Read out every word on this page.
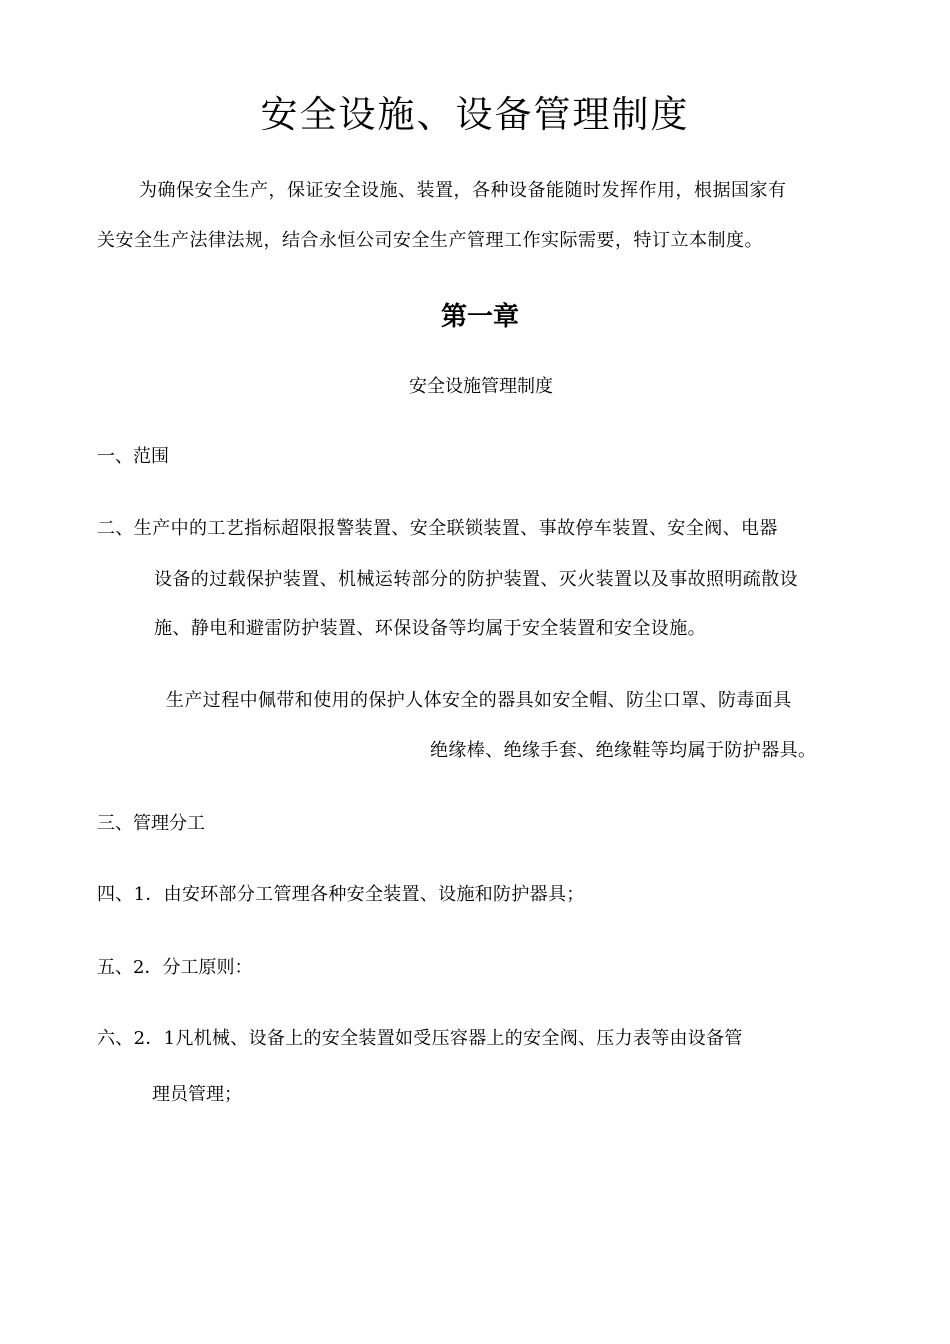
安全设施、设备管理制度
为确保安全生产，保证安全设施、装置，各种设备能随时发挥作用，根据国家有
关安全生产法律法规，结合永恒公司安全生产管理工作实际需要，特订立本制度。
第一章
安全设施管理制度
一、范围
二、生产中的工艺指标超限报警装置、安全联锁装置、事故停车装置、安全阀、电器
设备的过载保护装置、机械运转部分的防护装置、灭火装置以及事故照明疏散设
施、静电和避雷防护装置、环保设备等均属于安全装置和安全设施。
生产过程中佩带和使用的保护人体安全的器具如安全帽、防尘口罩、防毒面具
绝缘棒、绝缘手套、绝缘鞋等均属于防护器具。
三、管理分工
四、1．由安环部分工管理各种安全装置、设施和防护器具；
五、2．分工原则：
六、2．1凡机械、设备上的安全装置如受压容器上的安全阀、压力表等由设备管
理员管理；
